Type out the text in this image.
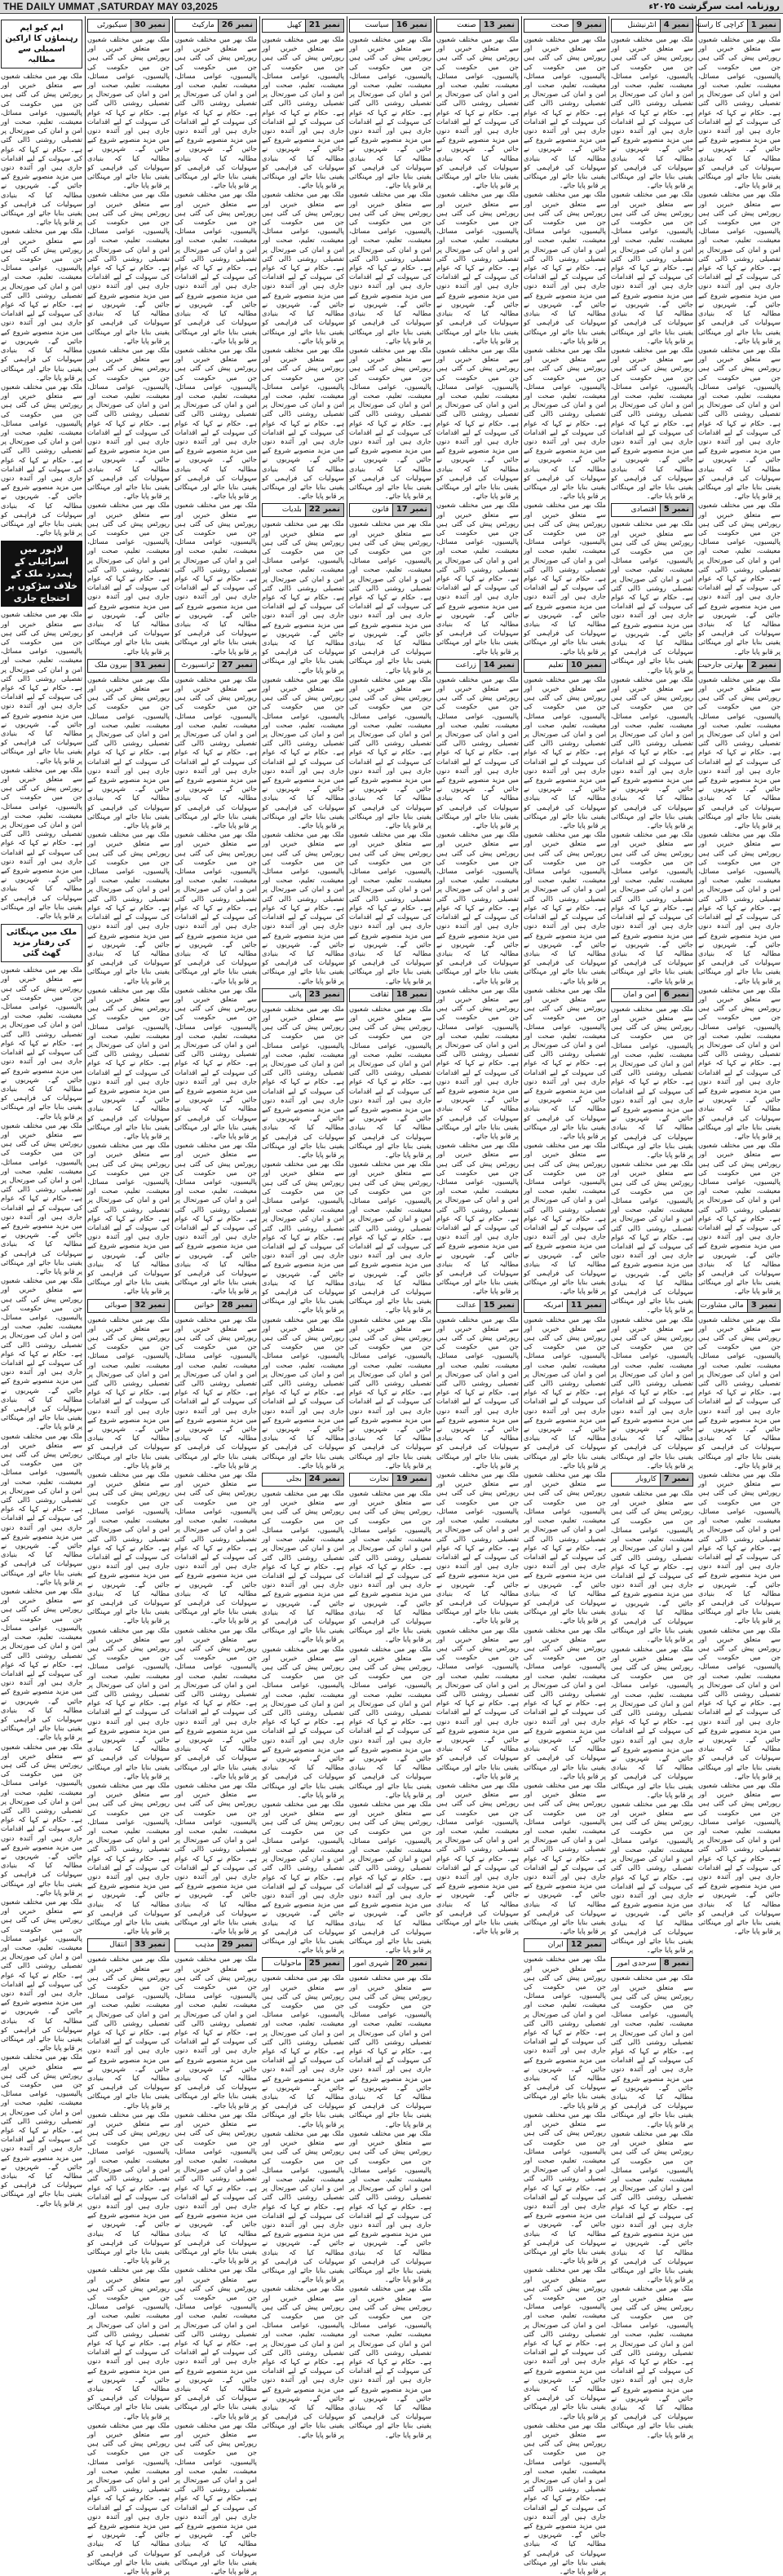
THE DAILY UMMAT ,SATURDAY MAY 03,2025	روزنامہ امت سرگزشت ۲۰۲۵ء
نمبر 1
کراچی کا راستہ

ملک بھر میں مختلف شعبوں سے متعلق خبریں اور رپورٹس پیش کی گئی ہیں جن میں حکومت کی پالیسیوں، عوامی مسائل، معیشت، تعلیم، صحت اور امن و امان کی صورتحال پر تفصیلی روشنی ڈالی گئی ہے۔ حکام نے کہا کہ عوام کی سہولت کے لیے اقدامات جاری ہیں اور آئندہ دنوں میں مزید منصوبے شروع کیے جائیں گے۔ شہریوں نے مطالبہ کیا کہ بنیادی سہولیات کی فراہمی کو یقینی بنایا جائے اور مہنگائی پر قابو پایا جائے۔

ملک بھر میں مختلف شعبوں سے متعلق خبریں اور رپورٹس پیش کی گئی ہیں جن میں حکومت کی پالیسیوں، عوامی مسائل، معیشت، تعلیم، صحت اور امن و امان کی صورتحال پر تفصیلی روشنی ڈالی گئی ہے۔ حکام نے کہا کہ عوام کی سہولت کے لیے اقدامات جاری ہیں اور آئندہ دنوں میں مزید منصوبے شروع کیے جائیں گے۔ شہریوں نے مطالبہ کیا کہ بنیادی سہولیات کی فراہمی کو یقینی بنایا جائے اور مہنگائی پر قابو پایا جائے۔

ملک بھر میں مختلف شعبوں سے متعلق خبریں اور رپورٹس پیش کی گئی ہیں جن میں حکومت کی پالیسیوں، عوامی مسائل، معیشت، تعلیم، صحت اور امن و امان کی صورتحال پر تفصیلی روشنی ڈالی گئی ہے۔ حکام نے کہا کہ عوام کی سہولت کے لیے اقدامات جاری ہیں اور آئندہ دنوں میں مزید منصوبے شروع کیے جائیں گے۔ شہریوں نے مطالبہ کیا کہ بنیادی سہولیات کی فراہمی کو یقینی بنایا جائے اور مہنگائی پر قابو پایا جائے۔

ملک بھر میں مختلف شعبوں سے متعلق خبریں اور رپورٹس پیش کی گئی ہیں جن میں حکومت کی پالیسیوں، عوامی مسائل، معیشت، تعلیم، صحت اور امن و امان کی صورتحال پر تفصیلی روشنی ڈالی گئی ہے۔ حکام نے کہا کہ عوام کی سہولت کے لیے اقدامات جاری ہیں اور آئندہ دنوں میں مزید منصوبے شروع کیے جائیں گے۔ شہریوں نے مطالبہ کیا کہ بنیادی سہولیات کی فراہمی کو یقینی بنایا جائے اور مہنگائی پر قابو پایا جائے۔

نمبر 2
بھارتی جارحیت

ملک بھر میں مختلف شعبوں سے متعلق خبریں اور رپورٹس پیش کی گئی ہیں جن میں حکومت کی پالیسیوں، عوامی مسائل، معیشت، تعلیم، صحت اور امن و امان کی صورتحال پر تفصیلی روشنی ڈالی گئی ہے۔ حکام نے کہا کہ عوام کی سہولت کے لیے اقدامات جاری ہیں اور آئندہ دنوں میں مزید منصوبے شروع کیے جائیں گے۔ شہریوں نے مطالبہ کیا کہ بنیادی سہولیات کی فراہمی کو یقینی بنایا جائے اور مہنگائی پر قابو پایا جائے۔

ملک بھر میں مختلف شعبوں سے متعلق خبریں اور رپورٹس پیش کی گئی ہیں جن میں حکومت کی پالیسیوں، عوامی مسائل، معیشت، تعلیم، صحت اور امن و امان کی صورتحال پر تفصیلی روشنی ڈالی گئی ہے۔ حکام نے کہا کہ عوام کی سہولت کے لیے اقدامات جاری ہیں اور آئندہ دنوں میں مزید منصوبے شروع کیے جائیں گے۔ شہریوں نے مطالبہ کیا کہ بنیادی سہولیات کی فراہمی کو یقینی بنایا جائے اور مہنگائی پر قابو پایا جائے۔

ملک بھر میں مختلف شعبوں سے متعلق خبریں اور رپورٹس پیش کی گئی ہیں جن میں حکومت کی پالیسیوں، عوامی مسائل، معیشت، تعلیم، صحت اور امن و امان کی صورتحال پر تفصیلی روشنی ڈالی گئی ہے۔ حکام نے کہا کہ عوام کی سہولت کے لیے اقدامات جاری ہیں اور آئندہ دنوں میں مزید منصوبے شروع کیے جائیں گے۔ شہریوں نے مطالبہ کیا کہ بنیادی سہولیات کی فراہمی کو یقینی بنایا جائے اور مہنگائی پر قابو پایا جائے۔

ملک بھر میں مختلف شعبوں سے متعلق خبریں اور رپورٹس پیش کی گئی ہیں جن میں حکومت کی پالیسیوں، عوامی مسائل، معیشت، تعلیم، صحت اور امن و امان کی صورتحال پر تفصیلی روشنی ڈالی گئی ہے۔ حکام نے کہا کہ عوام کی سہولت کے لیے اقدامات جاری ہیں اور آئندہ دنوں میں مزید منصوبے شروع کیے جائیں گے۔ شہریوں نے مطالبہ کیا کہ بنیادی سہولیات کی فراہمی کو یقینی بنایا جائے اور مہنگائی پر قابو پایا جائے۔

نمبر 3
مالی مشاورت

ملک بھر میں مختلف شعبوں سے متعلق خبریں اور رپورٹس پیش کی گئی ہیں جن میں حکومت کی پالیسیوں، عوامی مسائل، معیشت، تعلیم، صحت اور امن و امان کی صورتحال پر تفصیلی روشنی ڈالی گئی ہے۔ حکام نے کہا کہ عوام کی سہولت کے لیے اقدامات جاری ہیں اور آئندہ دنوں میں مزید منصوبے شروع کیے جائیں گے۔ شہریوں نے مطالبہ کیا کہ بنیادی سہولیات کی فراہمی کو یقینی بنایا جائے اور مہنگائی پر قابو پایا جائے۔

ملک بھر میں مختلف شعبوں سے متعلق خبریں اور رپورٹس پیش کی گئی ہیں جن میں حکومت کی پالیسیوں، عوامی مسائل، معیشت، تعلیم، صحت اور امن و امان کی صورتحال پر تفصیلی روشنی ڈالی گئی ہے۔ حکام نے کہا کہ عوام کی سہولت کے لیے اقدامات جاری ہیں اور آئندہ دنوں میں مزید منصوبے شروع کیے جائیں گے۔ شہریوں نے مطالبہ کیا کہ بنیادی سہولیات کی فراہمی کو یقینی بنایا جائے اور مہنگائی پر قابو پایا جائے۔

ملک بھر میں مختلف شعبوں سے متعلق خبریں اور رپورٹس پیش کی گئی ہیں جن میں حکومت کی پالیسیوں، عوامی مسائل، معیشت، تعلیم، صحت اور امن و امان کی صورتحال پر تفصیلی روشنی ڈالی گئی ہے۔ حکام نے کہا کہ عوام کی سہولت کے لیے اقدامات جاری ہیں اور آئندہ دنوں میں مزید منصوبے شروع کیے جائیں گے۔ شہریوں نے مطالبہ کیا کہ بنیادی سہولیات کی فراہمی کو یقینی بنایا جائے اور مہنگائی پر قابو پایا جائے۔

ملک بھر میں مختلف شعبوں سے متعلق خبریں اور رپورٹس پیش کی گئی ہیں جن میں حکومت کی پالیسیوں، عوامی مسائل، معیشت، تعلیم، صحت اور امن و امان کی صورتحال پر تفصیلی روشنی ڈالی گئی ہے۔ حکام نے کہا کہ عوام کی سہولت کے لیے اقدامات جاری ہیں اور آئندہ دنوں میں مزید منصوبے شروع کیے جائیں گے۔ شہریوں نے مطالبہ کیا کہ بنیادی سہولیات کی فراہمی کو یقینی بنایا جائے اور مہنگائی پر قابو پایا جائے۔

نمبر 4
انٹرنیشنل

ملک بھر میں مختلف شعبوں سے متعلق خبریں اور رپورٹس پیش کی گئی ہیں جن میں حکومت کی پالیسیوں، عوامی مسائل، معیشت، تعلیم، صحت اور امن و امان کی صورتحال پر تفصیلی روشنی ڈالی گئی ہے۔ حکام نے کہا کہ عوام کی سہولت کے لیے اقدامات جاری ہیں اور آئندہ دنوں میں مزید منصوبے شروع کیے جائیں گے۔ شہریوں نے مطالبہ کیا کہ بنیادی سہولیات کی فراہمی کو یقینی بنایا جائے اور مہنگائی پر قابو پایا جائے۔

ملک بھر میں مختلف شعبوں سے متعلق خبریں اور رپورٹس پیش کی گئی ہیں جن میں حکومت کی پالیسیوں، عوامی مسائل، معیشت، تعلیم، صحت اور امن و امان کی صورتحال پر تفصیلی روشنی ڈالی گئی ہے۔ حکام نے کہا کہ عوام کی سہولت کے لیے اقدامات جاری ہیں اور آئندہ دنوں میں مزید منصوبے شروع کیے جائیں گے۔ شہریوں نے مطالبہ کیا کہ بنیادی سہولیات کی فراہمی کو یقینی بنایا جائے اور مہنگائی پر قابو پایا جائے۔

ملک بھر میں مختلف شعبوں سے متعلق خبریں اور رپورٹس پیش کی گئی ہیں جن میں حکومت کی پالیسیوں، عوامی مسائل، معیشت، تعلیم، صحت اور امن و امان کی صورتحال پر تفصیلی روشنی ڈالی گئی ہے۔ حکام نے کہا کہ عوام کی سہولت کے لیے اقدامات جاری ہیں اور آئندہ دنوں میں مزید منصوبے شروع کیے جائیں گے۔ شہریوں نے مطالبہ کیا کہ بنیادی سہولیات کی فراہمی کو یقینی بنایا جائے اور مہنگائی پر قابو پایا جائے۔

نمبر 5
اقتصادی

ملک بھر میں مختلف شعبوں سے متعلق خبریں اور رپورٹس پیش کی گئی ہیں جن میں حکومت کی پالیسیوں، عوامی مسائل، معیشت، تعلیم، صحت اور امن و امان کی صورتحال پر تفصیلی روشنی ڈالی گئی ہے۔ حکام نے کہا کہ عوام کی سہولت کے لیے اقدامات جاری ہیں اور آئندہ دنوں میں مزید منصوبے شروع کیے جائیں گے۔ شہریوں نے مطالبہ کیا کہ بنیادی سہولیات کی فراہمی کو یقینی بنایا جائے اور مہنگائی پر قابو پایا جائے۔

ملک بھر میں مختلف شعبوں سے متعلق خبریں اور رپورٹس پیش کی گئی ہیں جن میں حکومت کی پالیسیوں، عوامی مسائل، معیشت، تعلیم، صحت اور امن و امان کی صورتحال پر تفصیلی روشنی ڈالی گئی ہے۔ حکام نے کہا کہ عوام کی سہولت کے لیے اقدامات جاری ہیں اور آئندہ دنوں میں مزید منصوبے شروع کیے جائیں گے۔ شہریوں نے مطالبہ کیا کہ بنیادی سہولیات کی فراہمی کو یقینی بنایا جائے اور مہنگائی پر قابو پایا جائے۔

ملک بھر میں مختلف شعبوں سے متعلق خبریں اور رپورٹس پیش کی گئی ہیں جن میں حکومت کی پالیسیوں، عوامی مسائل، معیشت، تعلیم، صحت اور امن و امان کی صورتحال پر تفصیلی روشنی ڈالی گئی ہے۔ حکام نے کہا کہ عوام کی سہولت کے لیے اقدامات جاری ہیں اور آئندہ دنوں میں مزید منصوبے شروع کیے جائیں گے۔ شہریوں نے مطالبہ کیا کہ بنیادی سہولیات کی فراہمی کو یقینی بنایا جائے اور مہنگائی پر قابو پایا جائے۔

نمبر 6
امن و امان

ملک بھر میں مختلف شعبوں سے متعلق خبریں اور رپورٹس پیش کی گئی ہیں جن میں حکومت کی پالیسیوں، عوامی مسائل، معیشت، تعلیم، صحت اور امن و امان کی صورتحال پر تفصیلی روشنی ڈالی گئی ہے۔ حکام نے کہا کہ عوام کی سہولت کے لیے اقدامات جاری ہیں اور آئندہ دنوں میں مزید منصوبے شروع کیے جائیں گے۔ شہریوں نے مطالبہ کیا کہ بنیادی سہولیات کی فراہمی کو یقینی بنایا جائے اور مہنگائی پر قابو پایا جائے۔

ملک بھر میں مختلف شعبوں سے متعلق خبریں اور رپورٹس پیش کی گئی ہیں جن میں حکومت کی پالیسیوں، عوامی مسائل، معیشت، تعلیم، صحت اور امن و امان کی صورتحال پر تفصیلی روشنی ڈالی گئی ہے۔ حکام نے کہا کہ عوام کی سہولت کے لیے اقدامات جاری ہیں اور آئندہ دنوں میں مزید منصوبے شروع کیے جائیں گے۔ شہریوں نے مطالبہ کیا کہ بنیادی سہولیات کی فراہمی کو یقینی بنایا جائے اور مہنگائی پر قابو پایا جائے۔

ملک بھر میں مختلف شعبوں سے متعلق خبریں اور رپورٹس پیش کی گئی ہیں جن میں حکومت کی پالیسیوں، عوامی مسائل، معیشت، تعلیم، صحت اور امن و امان کی صورتحال پر تفصیلی روشنی ڈالی گئی ہے۔ حکام نے کہا کہ عوام کی سہولت کے لیے اقدامات جاری ہیں اور آئندہ دنوں میں مزید منصوبے شروع کیے جائیں گے۔ شہریوں نے مطالبہ کیا کہ بنیادی سہولیات کی فراہمی کو یقینی بنایا جائے اور مہنگائی پر قابو پایا جائے۔

نمبر 7
کاروبار

ملک بھر میں مختلف شعبوں سے متعلق خبریں اور رپورٹس پیش کی گئی ہیں جن میں حکومت کی پالیسیوں، عوامی مسائل، معیشت، تعلیم، صحت اور امن و امان کی صورتحال پر تفصیلی روشنی ڈالی گئی ہے۔ حکام نے کہا کہ عوام کی سہولت کے لیے اقدامات جاری ہیں اور آئندہ دنوں میں مزید منصوبے شروع کیے جائیں گے۔ شہریوں نے مطالبہ کیا کہ بنیادی سہولیات کی فراہمی کو یقینی بنایا جائے اور مہنگائی پر قابو پایا جائے۔

ملک بھر میں مختلف شعبوں سے متعلق خبریں اور رپورٹس پیش کی گئی ہیں جن میں حکومت کی پالیسیوں، عوامی مسائل، معیشت، تعلیم، صحت اور امن و امان کی صورتحال پر تفصیلی روشنی ڈالی گئی ہے۔ حکام نے کہا کہ عوام کی سہولت کے لیے اقدامات جاری ہیں اور آئندہ دنوں میں مزید منصوبے شروع کیے جائیں گے۔ شہریوں نے مطالبہ کیا کہ بنیادی سہولیات کی فراہمی کو یقینی بنایا جائے اور مہنگائی پر قابو پایا جائے۔

ملک بھر میں مختلف شعبوں سے متعلق خبریں اور رپورٹس پیش کی گئی ہیں جن میں حکومت کی پالیسیوں، عوامی مسائل، معیشت، تعلیم، صحت اور امن و امان کی صورتحال پر تفصیلی روشنی ڈالی گئی ہے۔ حکام نے کہا کہ عوام کی سہولت کے لیے اقدامات جاری ہیں اور آئندہ دنوں میں مزید منصوبے شروع کیے جائیں گے۔ شہریوں نے مطالبہ کیا کہ بنیادی سہولیات کی فراہمی کو یقینی بنایا جائے اور مہنگائی پر قابو پایا جائے۔

نمبر 8
سرحدی امور

ملک بھر میں مختلف شعبوں سے متعلق خبریں اور رپورٹس پیش کی گئی ہیں جن میں حکومت کی پالیسیوں، عوامی مسائل، معیشت، تعلیم، صحت اور امن و امان کی صورتحال پر تفصیلی روشنی ڈالی گئی ہے۔ حکام نے کہا کہ عوام کی سہولت کے لیے اقدامات جاری ہیں اور آئندہ دنوں میں مزید منصوبے شروع کیے جائیں گے۔ شہریوں نے مطالبہ کیا کہ بنیادی سہولیات کی فراہمی کو یقینی بنایا جائے اور مہنگائی پر قابو پایا جائے۔

ملک بھر میں مختلف شعبوں سے متعلق خبریں اور رپورٹس پیش کی گئی ہیں جن میں حکومت کی پالیسیوں، عوامی مسائل، معیشت، تعلیم، صحت اور امن و امان کی صورتحال پر تفصیلی روشنی ڈالی گئی ہے۔ حکام نے کہا کہ عوام کی سہولت کے لیے اقدامات جاری ہیں اور آئندہ دنوں میں مزید منصوبے شروع کیے جائیں گے۔ شہریوں نے مطالبہ کیا کہ بنیادی سہولیات کی فراہمی کو یقینی بنایا جائے اور مہنگائی پر قابو پایا جائے۔

ملک بھر میں مختلف شعبوں سے متعلق خبریں اور رپورٹس پیش کی گئی ہیں جن میں حکومت کی پالیسیوں، عوامی مسائل، معیشت، تعلیم، صحت اور امن و امان کی صورتحال پر تفصیلی روشنی ڈالی گئی ہے۔ حکام نے کہا کہ عوام کی سہولت کے لیے اقدامات جاری ہیں اور آئندہ دنوں میں مزید منصوبے شروع کیے جائیں گے۔ شہریوں نے مطالبہ کیا کہ بنیادی سہولیات کی فراہمی کو یقینی بنایا جائے اور مہنگائی پر قابو پایا جائے۔

نمبر 9
صحت

ملک بھر میں مختلف شعبوں سے متعلق خبریں اور رپورٹس پیش کی گئی ہیں جن میں حکومت کی پالیسیوں، عوامی مسائل، معیشت، تعلیم، صحت اور امن و امان کی صورتحال پر تفصیلی روشنی ڈالی گئی ہے۔ حکام نے کہا کہ عوام کی سہولت کے لیے اقدامات جاری ہیں اور آئندہ دنوں میں مزید منصوبے شروع کیے جائیں گے۔ شہریوں نے مطالبہ کیا کہ بنیادی سہولیات کی فراہمی کو یقینی بنایا جائے اور مہنگائی پر قابو پایا جائے۔

ملک بھر میں مختلف شعبوں سے متعلق خبریں اور رپورٹس پیش کی گئی ہیں جن میں حکومت کی پالیسیوں، عوامی مسائل، معیشت، تعلیم، صحت اور امن و امان کی صورتحال پر تفصیلی روشنی ڈالی گئی ہے۔ حکام نے کہا کہ عوام کی سہولت کے لیے اقدامات جاری ہیں اور آئندہ دنوں میں مزید منصوبے شروع کیے جائیں گے۔ شہریوں نے مطالبہ کیا کہ بنیادی سہولیات کی فراہمی کو یقینی بنایا جائے اور مہنگائی پر قابو پایا جائے۔

ملک بھر میں مختلف شعبوں سے متعلق خبریں اور رپورٹس پیش کی گئی ہیں جن میں حکومت کی پالیسیوں، عوامی مسائل، معیشت، تعلیم، صحت اور امن و امان کی صورتحال پر تفصیلی روشنی ڈالی گئی ہے۔ حکام نے کہا کہ عوام کی سہولت کے لیے اقدامات جاری ہیں اور آئندہ دنوں میں مزید منصوبے شروع کیے جائیں گے۔ شہریوں نے مطالبہ کیا کہ بنیادی سہولیات کی فراہمی کو یقینی بنایا جائے اور مہنگائی پر قابو پایا جائے۔

ملک بھر میں مختلف شعبوں سے متعلق خبریں اور رپورٹس پیش کی گئی ہیں جن میں حکومت کی پالیسیوں، عوامی مسائل، معیشت، تعلیم، صحت اور امن و امان کی صورتحال پر تفصیلی روشنی ڈالی گئی ہے۔ حکام نے کہا کہ عوام کی سہولت کے لیے اقدامات جاری ہیں اور آئندہ دنوں میں مزید منصوبے شروع کیے جائیں گے۔ شہریوں نے مطالبہ کیا کہ بنیادی سہولیات کی فراہمی کو یقینی بنایا جائے اور مہنگائی پر قابو پایا جائے۔

نمبر 10
تعلیم

ملک بھر میں مختلف شعبوں سے متعلق خبریں اور رپورٹس پیش کی گئی ہیں جن میں حکومت کی پالیسیوں، عوامی مسائل، معیشت، تعلیم، صحت اور امن و امان کی صورتحال پر تفصیلی روشنی ڈالی گئی ہے۔ حکام نے کہا کہ عوام کی سہولت کے لیے اقدامات جاری ہیں اور آئندہ دنوں میں مزید منصوبے شروع کیے جائیں گے۔ شہریوں نے مطالبہ کیا کہ بنیادی سہولیات کی فراہمی کو یقینی بنایا جائے اور مہنگائی پر قابو پایا جائے۔

ملک بھر میں مختلف شعبوں سے متعلق خبریں اور رپورٹس پیش کی گئی ہیں جن میں حکومت کی پالیسیوں، عوامی مسائل، معیشت، تعلیم، صحت اور امن و امان کی صورتحال پر تفصیلی روشنی ڈالی گئی ہے۔ حکام نے کہا کہ عوام کی سہولت کے لیے اقدامات جاری ہیں اور آئندہ دنوں میں مزید منصوبے شروع کیے جائیں گے۔ شہریوں نے مطالبہ کیا کہ بنیادی سہولیات کی فراہمی کو یقینی بنایا جائے اور مہنگائی پر قابو پایا جائے۔

ملک بھر میں مختلف شعبوں سے متعلق خبریں اور رپورٹس پیش کی گئی ہیں جن میں حکومت کی پالیسیوں، عوامی مسائل، معیشت، تعلیم، صحت اور امن و امان کی صورتحال پر تفصیلی روشنی ڈالی گئی ہے۔ حکام نے کہا کہ عوام کی سہولت کے لیے اقدامات جاری ہیں اور آئندہ دنوں میں مزید منصوبے شروع کیے جائیں گے۔ شہریوں نے مطالبہ کیا کہ بنیادی سہولیات کی فراہمی کو یقینی بنایا جائے اور مہنگائی پر قابو پایا جائے۔

ملک بھر میں مختلف شعبوں سے متعلق خبریں اور رپورٹس پیش کی گئی ہیں جن میں حکومت کی پالیسیوں، عوامی مسائل، معیشت، تعلیم، صحت اور امن و امان کی صورتحال پر تفصیلی روشنی ڈالی گئی ہے۔ حکام نے کہا کہ عوام کی سہولت کے لیے اقدامات جاری ہیں اور آئندہ دنوں میں مزید منصوبے شروع کیے جائیں گے۔ شہریوں نے مطالبہ کیا کہ بنیادی سہولیات کی فراہمی کو یقینی بنایا جائے اور مہنگائی پر قابو پایا جائے۔

نمبر 11
امریکہ

ملک بھر میں مختلف شعبوں سے متعلق خبریں اور رپورٹس پیش کی گئی ہیں جن میں حکومت کی پالیسیوں، عوامی مسائل، معیشت، تعلیم، صحت اور امن و امان کی صورتحال پر تفصیلی روشنی ڈالی گئی ہے۔ حکام نے کہا کہ عوام کی سہولت کے لیے اقدامات جاری ہیں اور آئندہ دنوں میں مزید منصوبے شروع کیے جائیں گے۔ شہریوں نے مطالبہ کیا کہ بنیادی سہولیات کی فراہمی کو یقینی بنایا جائے اور مہنگائی پر قابو پایا جائے۔

ملک بھر میں مختلف شعبوں سے متعلق خبریں اور رپورٹس پیش کی گئی ہیں جن میں حکومت کی پالیسیوں، عوامی مسائل، معیشت، تعلیم، صحت اور امن و امان کی صورتحال پر تفصیلی روشنی ڈالی گئی ہے۔ حکام نے کہا کہ عوام کی سہولت کے لیے اقدامات جاری ہیں اور آئندہ دنوں میں مزید منصوبے شروع کیے جائیں گے۔ شہریوں نے مطالبہ کیا کہ بنیادی سہولیات کی فراہمی کو یقینی بنایا جائے اور مہنگائی پر قابو پایا جائے۔

ملک بھر میں مختلف شعبوں سے متعلق خبریں اور رپورٹس پیش کی گئی ہیں جن میں حکومت کی پالیسیوں، عوامی مسائل، معیشت، تعلیم، صحت اور امن و امان کی صورتحال پر تفصیلی روشنی ڈالی گئی ہے۔ حکام نے کہا کہ عوام کی سہولت کے لیے اقدامات جاری ہیں اور آئندہ دنوں میں مزید منصوبے شروع کیے جائیں گے۔ شہریوں نے مطالبہ کیا کہ بنیادی سہولیات کی فراہمی کو یقینی بنایا جائے اور مہنگائی پر قابو پایا جائے۔

ملک بھر میں مختلف شعبوں سے متعلق خبریں اور رپورٹس پیش کی گئی ہیں جن میں حکومت کی پالیسیوں، عوامی مسائل، معیشت، تعلیم، صحت اور امن و امان کی صورتحال پر تفصیلی روشنی ڈالی گئی ہے۔ حکام نے کہا کہ عوام کی سہولت کے لیے اقدامات جاری ہیں اور آئندہ دنوں میں مزید منصوبے شروع کیے جائیں گے۔ شہریوں نے مطالبہ کیا کہ بنیادی سہولیات کی فراہمی کو یقینی بنایا جائے اور مہنگائی پر قابو پایا جائے۔

نمبر 12
ایران

ملک بھر میں مختلف شعبوں سے متعلق خبریں اور رپورٹس پیش کی گئی ہیں جن میں حکومت کی پالیسیوں، عوامی مسائل، معیشت، تعلیم، صحت اور امن و امان کی صورتحال پر تفصیلی روشنی ڈالی گئی ہے۔ حکام نے کہا کہ عوام کی سہولت کے لیے اقدامات جاری ہیں اور آئندہ دنوں میں مزید منصوبے شروع کیے جائیں گے۔ شہریوں نے مطالبہ کیا کہ بنیادی سہولیات کی فراہمی کو یقینی بنایا جائے اور مہنگائی پر قابو پایا جائے۔

ملک بھر میں مختلف شعبوں سے متعلق خبریں اور رپورٹس پیش کی گئی ہیں جن میں حکومت کی پالیسیوں، عوامی مسائل، معیشت، تعلیم، صحت اور امن و امان کی صورتحال پر تفصیلی روشنی ڈالی گئی ہے۔ حکام نے کہا کہ عوام کی سہولت کے لیے اقدامات جاری ہیں اور آئندہ دنوں میں مزید منصوبے شروع کیے جائیں گے۔ شہریوں نے مطالبہ کیا کہ بنیادی سہولیات کی فراہمی کو یقینی بنایا جائے اور مہنگائی پر قابو پایا جائے۔

ملک بھر میں مختلف شعبوں سے متعلق خبریں اور رپورٹس پیش کی گئی ہیں جن میں حکومت کی پالیسیوں، عوامی مسائل، معیشت، تعلیم، صحت اور امن و امان کی صورتحال پر تفصیلی روشنی ڈالی گئی ہے۔ حکام نے کہا کہ عوام کی سہولت کے لیے اقدامات جاری ہیں اور آئندہ دنوں میں مزید منصوبے شروع کیے جائیں گے۔ شہریوں نے مطالبہ کیا کہ بنیادی سہولیات کی فراہمی کو یقینی بنایا جائے اور مہنگائی پر قابو پایا جائے۔

ملک بھر میں مختلف شعبوں سے متعلق خبریں اور رپورٹس پیش کی گئی ہیں جن میں حکومت کی پالیسیوں، عوامی مسائل، معیشت، تعلیم، صحت اور امن و امان کی صورتحال پر تفصیلی روشنی ڈالی گئی ہے۔ حکام نے کہا کہ عوام کی سہولت کے لیے اقدامات جاری ہیں اور آئندہ دنوں میں مزید منصوبے شروع کیے جائیں گے۔ شہریوں نے مطالبہ کیا کہ بنیادی سہولیات کی فراہمی کو یقینی بنایا جائے اور مہنگائی پر قابو پایا جائے۔

نمبر 13
صنعت

ملک بھر میں مختلف شعبوں سے متعلق خبریں اور رپورٹس پیش کی گئی ہیں جن میں حکومت کی پالیسیوں، عوامی مسائل، معیشت، تعلیم، صحت اور امن و امان کی صورتحال پر تفصیلی روشنی ڈالی گئی ہے۔ حکام نے کہا کہ عوام کی سہولت کے لیے اقدامات جاری ہیں اور آئندہ دنوں میں مزید منصوبے شروع کیے جائیں گے۔ شہریوں نے مطالبہ کیا کہ بنیادی سہولیات کی فراہمی کو یقینی بنایا جائے اور مہنگائی پر قابو پایا جائے۔

ملک بھر میں مختلف شعبوں سے متعلق خبریں اور رپورٹس پیش کی گئی ہیں جن میں حکومت کی پالیسیوں، عوامی مسائل، معیشت، تعلیم، صحت اور امن و امان کی صورتحال پر تفصیلی روشنی ڈالی گئی ہے۔ حکام نے کہا کہ عوام کی سہولت کے لیے اقدامات جاری ہیں اور آئندہ دنوں میں مزید منصوبے شروع کیے جائیں گے۔ شہریوں نے مطالبہ کیا کہ بنیادی سہولیات کی فراہمی کو یقینی بنایا جائے اور مہنگائی پر قابو پایا جائے۔

ملک بھر میں مختلف شعبوں سے متعلق خبریں اور رپورٹس پیش کی گئی ہیں جن میں حکومت کی پالیسیوں، عوامی مسائل، معیشت، تعلیم، صحت اور امن و امان کی صورتحال پر تفصیلی روشنی ڈالی گئی ہے۔ حکام نے کہا کہ عوام کی سہولت کے لیے اقدامات جاری ہیں اور آئندہ دنوں میں مزید منصوبے شروع کیے جائیں گے۔ شہریوں نے مطالبہ کیا کہ بنیادی سہولیات کی فراہمی کو یقینی بنایا جائے اور مہنگائی پر قابو پایا جائے۔

ملک بھر میں مختلف شعبوں سے متعلق خبریں اور رپورٹس پیش کی گئی ہیں جن میں حکومت کی پالیسیوں، عوامی مسائل، معیشت، تعلیم، صحت اور امن و امان کی صورتحال پر تفصیلی روشنی ڈالی گئی ہے۔ حکام نے کہا کہ عوام کی سہولت کے لیے اقدامات جاری ہیں اور آئندہ دنوں میں مزید منصوبے شروع کیے جائیں گے۔ شہریوں نے مطالبہ کیا کہ بنیادی سہولیات کی فراہمی کو یقینی بنایا جائے اور مہنگائی پر قابو پایا جائے۔

نمبر 14
زراعت

ملک بھر میں مختلف شعبوں سے متعلق خبریں اور رپورٹس پیش کی گئی ہیں جن میں حکومت کی پالیسیوں، عوامی مسائل، معیشت، تعلیم، صحت اور امن و امان کی صورتحال پر تفصیلی روشنی ڈالی گئی ہے۔ حکام نے کہا کہ عوام کی سہولت کے لیے اقدامات جاری ہیں اور آئندہ دنوں میں مزید منصوبے شروع کیے جائیں گے۔ شہریوں نے مطالبہ کیا کہ بنیادی سہولیات کی فراہمی کو یقینی بنایا جائے اور مہنگائی پر قابو پایا جائے۔

ملک بھر میں مختلف شعبوں سے متعلق خبریں اور رپورٹس پیش کی گئی ہیں جن میں حکومت کی پالیسیوں، عوامی مسائل، معیشت، تعلیم، صحت اور امن و امان کی صورتحال پر تفصیلی روشنی ڈالی گئی ہے۔ حکام نے کہا کہ عوام کی سہولت کے لیے اقدامات جاری ہیں اور آئندہ دنوں میں مزید منصوبے شروع کیے جائیں گے۔ شہریوں نے مطالبہ کیا کہ بنیادی سہولیات کی فراہمی کو یقینی بنایا جائے اور مہنگائی پر قابو پایا جائے۔

ملک بھر میں مختلف شعبوں سے متعلق خبریں اور رپورٹس پیش کی گئی ہیں جن میں حکومت کی پالیسیوں، عوامی مسائل، معیشت، تعلیم، صحت اور امن و امان کی صورتحال پر تفصیلی روشنی ڈالی گئی ہے۔ حکام نے کہا کہ عوام کی سہولت کے لیے اقدامات جاری ہیں اور آئندہ دنوں میں مزید منصوبے شروع کیے جائیں گے۔ شہریوں نے مطالبہ کیا کہ بنیادی سہولیات کی فراہمی کو یقینی بنایا جائے اور مہنگائی پر قابو پایا جائے۔

ملک بھر میں مختلف شعبوں سے متعلق خبریں اور رپورٹس پیش کی گئی ہیں جن میں حکومت کی پالیسیوں، عوامی مسائل، معیشت، تعلیم، صحت اور امن و امان کی صورتحال پر تفصیلی روشنی ڈالی گئی ہے۔ حکام نے کہا کہ عوام کی سہولت کے لیے اقدامات جاری ہیں اور آئندہ دنوں میں مزید منصوبے شروع کیے جائیں گے۔ شہریوں نے مطالبہ کیا کہ بنیادی سہولیات کی فراہمی کو یقینی بنایا جائے اور مہنگائی پر قابو پایا جائے۔

نمبر 15
عدالت

ملک بھر میں مختلف شعبوں سے متعلق خبریں اور رپورٹس پیش کی گئی ہیں جن میں حکومت کی پالیسیوں، عوامی مسائل، معیشت، تعلیم، صحت اور امن و امان کی صورتحال پر تفصیلی روشنی ڈالی گئی ہے۔ حکام نے کہا کہ عوام کی سہولت کے لیے اقدامات جاری ہیں اور آئندہ دنوں میں مزید منصوبے شروع کیے جائیں گے۔ شہریوں نے مطالبہ کیا کہ بنیادی سہولیات کی فراہمی کو یقینی بنایا جائے اور مہنگائی پر قابو پایا جائے۔

ملک بھر میں مختلف شعبوں سے متعلق خبریں اور رپورٹس پیش کی گئی ہیں جن میں حکومت کی پالیسیوں، عوامی مسائل، معیشت، تعلیم، صحت اور امن و امان کی صورتحال پر تفصیلی روشنی ڈالی گئی ہے۔ حکام نے کہا کہ عوام کی سہولت کے لیے اقدامات جاری ہیں اور آئندہ دنوں میں مزید منصوبے شروع کیے جائیں گے۔ شہریوں نے مطالبہ کیا کہ بنیادی سہولیات کی فراہمی کو یقینی بنایا جائے اور مہنگائی پر قابو پایا جائے۔

ملک بھر میں مختلف شعبوں سے متعلق خبریں اور رپورٹس پیش کی گئی ہیں جن میں حکومت کی پالیسیوں، عوامی مسائل، معیشت، تعلیم، صحت اور امن و امان کی صورتحال پر تفصیلی روشنی ڈالی گئی ہے۔ حکام نے کہا کہ عوام کی سہولت کے لیے اقدامات جاری ہیں اور آئندہ دنوں میں مزید منصوبے شروع کیے جائیں گے۔ شہریوں نے مطالبہ کیا کہ بنیادی سہولیات کی فراہمی کو یقینی بنایا جائے اور مہنگائی پر قابو پایا جائے۔

ملک بھر میں مختلف شعبوں سے متعلق خبریں اور رپورٹس پیش کی گئی ہیں جن میں حکومت کی پالیسیوں، عوامی مسائل، معیشت، تعلیم، صحت اور امن و امان کی صورتحال پر تفصیلی روشنی ڈالی گئی ہے۔ حکام نے کہا کہ عوام کی سہولت کے لیے اقدامات جاری ہیں اور آئندہ دنوں میں مزید منصوبے شروع کیے جائیں گے۔ شہریوں نے مطالبہ کیا کہ بنیادی سہولیات کی فراہمی کو یقینی بنایا جائے اور مہنگائی پر قابو پایا جائے۔

نمبر 16
سیاست

ملک بھر میں مختلف شعبوں سے متعلق خبریں اور رپورٹس پیش کی گئی ہیں جن میں حکومت کی پالیسیوں، عوامی مسائل، معیشت، تعلیم، صحت اور امن و امان کی صورتحال پر تفصیلی روشنی ڈالی گئی ہے۔ حکام نے کہا کہ عوام کی سہولت کے لیے اقدامات جاری ہیں اور آئندہ دنوں میں مزید منصوبے شروع کیے جائیں گے۔ شہریوں نے مطالبہ کیا کہ بنیادی سہولیات کی فراہمی کو یقینی بنایا جائے اور مہنگائی پر قابو پایا جائے۔

ملک بھر میں مختلف شعبوں سے متعلق خبریں اور رپورٹس پیش کی گئی ہیں جن میں حکومت کی پالیسیوں، عوامی مسائل، معیشت، تعلیم، صحت اور امن و امان کی صورتحال پر تفصیلی روشنی ڈالی گئی ہے۔ حکام نے کہا کہ عوام کی سہولت کے لیے اقدامات جاری ہیں اور آئندہ دنوں میں مزید منصوبے شروع کیے جائیں گے۔ شہریوں نے مطالبہ کیا کہ بنیادی سہولیات کی فراہمی کو یقینی بنایا جائے اور مہنگائی پر قابو پایا جائے۔

ملک بھر میں مختلف شعبوں سے متعلق خبریں اور رپورٹس پیش کی گئی ہیں جن میں حکومت کی پالیسیوں، عوامی مسائل، معیشت، تعلیم، صحت اور امن و امان کی صورتحال پر تفصیلی روشنی ڈالی گئی ہے۔ حکام نے کہا کہ عوام کی سہولت کے لیے اقدامات جاری ہیں اور آئندہ دنوں میں مزید منصوبے شروع کیے جائیں گے۔ شہریوں نے مطالبہ کیا کہ بنیادی سہولیات کی فراہمی کو یقینی بنایا جائے اور مہنگائی پر قابو پایا جائے۔

نمبر 17
قانون

ملک بھر میں مختلف شعبوں سے متعلق خبریں اور رپورٹس پیش کی گئی ہیں جن میں حکومت کی پالیسیوں، عوامی مسائل، معیشت، تعلیم، صحت اور امن و امان کی صورتحال پر تفصیلی روشنی ڈالی گئی ہے۔ حکام نے کہا کہ عوام کی سہولت کے لیے اقدامات جاری ہیں اور آئندہ دنوں میں مزید منصوبے شروع کیے جائیں گے۔ شہریوں نے مطالبہ کیا کہ بنیادی سہولیات کی فراہمی کو یقینی بنایا جائے اور مہنگائی پر قابو پایا جائے۔

ملک بھر میں مختلف شعبوں سے متعلق خبریں اور رپورٹس پیش کی گئی ہیں جن میں حکومت کی پالیسیوں، عوامی مسائل، معیشت، تعلیم، صحت اور امن و امان کی صورتحال پر تفصیلی روشنی ڈالی گئی ہے۔ حکام نے کہا کہ عوام کی سہولت کے لیے اقدامات جاری ہیں اور آئندہ دنوں میں مزید منصوبے شروع کیے جائیں گے۔ شہریوں نے مطالبہ کیا کہ بنیادی سہولیات کی فراہمی کو یقینی بنایا جائے اور مہنگائی پر قابو پایا جائے۔

ملک بھر میں مختلف شعبوں سے متعلق خبریں اور رپورٹس پیش کی گئی ہیں جن میں حکومت کی پالیسیوں، عوامی مسائل، معیشت، تعلیم، صحت اور امن و امان کی صورتحال پر تفصیلی روشنی ڈالی گئی ہے۔ حکام نے کہا کہ عوام کی سہولت کے لیے اقدامات جاری ہیں اور آئندہ دنوں میں مزید منصوبے شروع کیے جائیں گے۔ شہریوں نے مطالبہ کیا کہ بنیادی سہولیات کی فراہمی کو یقینی بنایا جائے اور مہنگائی پر قابو پایا جائے۔

نمبر 18
ثقافت

ملک بھر میں مختلف شعبوں سے متعلق خبریں اور رپورٹس پیش کی گئی ہیں جن میں حکومت کی پالیسیوں، عوامی مسائل، معیشت، تعلیم، صحت اور امن و امان کی صورتحال پر تفصیلی روشنی ڈالی گئی ہے۔ حکام نے کہا کہ عوام کی سہولت کے لیے اقدامات جاری ہیں اور آئندہ دنوں میں مزید منصوبے شروع کیے جائیں گے۔ شہریوں نے مطالبہ کیا کہ بنیادی سہولیات کی فراہمی کو یقینی بنایا جائے اور مہنگائی پر قابو پایا جائے۔

ملک بھر میں مختلف شعبوں سے متعلق خبریں اور رپورٹس پیش کی گئی ہیں جن میں حکومت کی پالیسیوں، عوامی مسائل، معیشت، تعلیم، صحت اور امن و امان کی صورتحال پر تفصیلی روشنی ڈالی گئی ہے۔ حکام نے کہا کہ عوام کی سہولت کے لیے اقدامات جاری ہیں اور آئندہ دنوں میں مزید منصوبے شروع کیے جائیں گے۔ شہریوں نے مطالبہ کیا کہ بنیادی سہولیات کی فراہمی کو یقینی بنایا جائے اور مہنگائی پر قابو پایا جائے۔

ملک بھر میں مختلف شعبوں سے متعلق خبریں اور رپورٹس پیش کی گئی ہیں جن میں حکومت کی پالیسیوں، عوامی مسائل، معیشت، تعلیم، صحت اور امن و امان کی صورتحال پر تفصیلی روشنی ڈالی گئی ہے۔ حکام نے کہا کہ عوام کی سہولت کے لیے اقدامات جاری ہیں اور آئندہ دنوں میں مزید منصوبے شروع کیے جائیں گے۔ شہریوں نے مطالبہ کیا کہ بنیادی سہولیات کی فراہمی کو یقینی بنایا جائے اور مہنگائی پر قابو پایا جائے۔

نمبر 19
تجارت

ملک بھر میں مختلف شعبوں سے متعلق خبریں اور رپورٹس پیش کی گئی ہیں جن میں حکومت کی پالیسیوں، عوامی مسائل، معیشت، تعلیم، صحت اور امن و امان کی صورتحال پر تفصیلی روشنی ڈالی گئی ہے۔ حکام نے کہا کہ عوام کی سہولت کے لیے اقدامات جاری ہیں اور آئندہ دنوں میں مزید منصوبے شروع کیے جائیں گے۔ شہریوں نے مطالبہ کیا کہ بنیادی سہولیات کی فراہمی کو یقینی بنایا جائے اور مہنگائی پر قابو پایا جائے۔

ملک بھر میں مختلف شعبوں سے متعلق خبریں اور رپورٹس پیش کی گئی ہیں جن میں حکومت کی پالیسیوں، عوامی مسائل، معیشت، تعلیم، صحت اور امن و امان کی صورتحال پر تفصیلی روشنی ڈالی گئی ہے۔ حکام نے کہا کہ عوام کی سہولت کے لیے اقدامات جاری ہیں اور آئندہ دنوں میں مزید منصوبے شروع کیے جائیں گے۔ شہریوں نے مطالبہ کیا کہ بنیادی سہولیات کی فراہمی کو یقینی بنایا جائے اور مہنگائی پر قابو پایا جائے۔

ملک بھر میں مختلف شعبوں سے متعلق خبریں اور رپورٹس پیش کی گئی ہیں جن میں حکومت کی پالیسیوں، عوامی مسائل، معیشت، تعلیم، صحت اور امن و امان کی صورتحال پر تفصیلی روشنی ڈالی گئی ہے۔ حکام نے کہا کہ عوام کی سہولت کے لیے اقدامات جاری ہیں اور آئندہ دنوں میں مزید منصوبے شروع کیے جائیں گے۔ شہریوں نے مطالبہ کیا کہ بنیادی سہولیات کی فراہمی کو یقینی بنایا جائے اور مہنگائی پر قابو پایا جائے۔

نمبر 20
شہری امور

ملک بھر میں مختلف شعبوں سے متعلق خبریں اور رپورٹس پیش کی گئی ہیں جن میں حکومت کی پالیسیوں، عوامی مسائل، معیشت، تعلیم، صحت اور امن و امان کی صورتحال پر تفصیلی روشنی ڈالی گئی ہے۔ حکام نے کہا کہ عوام کی سہولت کے لیے اقدامات جاری ہیں اور آئندہ دنوں میں مزید منصوبے شروع کیے جائیں گے۔ شہریوں نے مطالبہ کیا کہ بنیادی سہولیات کی فراہمی کو یقینی بنایا جائے اور مہنگائی پر قابو پایا جائے۔

ملک بھر میں مختلف شعبوں سے متعلق خبریں اور رپورٹس پیش کی گئی ہیں جن میں حکومت کی پالیسیوں، عوامی مسائل، معیشت، تعلیم، صحت اور امن و امان کی صورتحال پر تفصیلی روشنی ڈالی گئی ہے۔ حکام نے کہا کہ عوام کی سہولت کے لیے اقدامات جاری ہیں اور آئندہ دنوں میں مزید منصوبے شروع کیے جائیں گے۔ شہریوں نے مطالبہ کیا کہ بنیادی سہولیات کی فراہمی کو یقینی بنایا جائے اور مہنگائی پر قابو پایا جائے۔

ملک بھر میں مختلف شعبوں سے متعلق خبریں اور رپورٹس پیش کی گئی ہیں جن میں حکومت کی پالیسیوں، عوامی مسائل، معیشت، تعلیم، صحت اور امن و امان کی صورتحال پر تفصیلی روشنی ڈالی گئی ہے۔ حکام نے کہا کہ عوام کی سہولت کے لیے اقدامات جاری ہیں اور آئندہ دنوں میں مزید منصوبے شروع کیے جائیں گے۔ شہریوں نے مطالبہ کیا کہ بنیادی سہولیات کی فراہمی کو یقینی بنایا جائے اور مہنگائی پر قابو پایا جائے۔

نمبر 21
کھیل

ملک بھر میں مختلف شعبوں سے متعلق خبریں اور رپورٹس پیش کی گئی ہیں جن میں حکومت کی پالیسیوں، عوامی مسائل، معیشت، تعلیم، صحت اور امن و امان کی صورتحال پر تفصیلی روشنی ڈالی گئی ہے۔ حکام نے کہا کہ عوام کی سہولت کے لیے اقدامات جاری ہیں اور آئندہ دنوں میں مزید منصوبے شروع کیے جائیں گے۔ شہریوں نے مطالبہ کیا کہ بنیادی سہولیات کی فراہمی کو یقینی بنایا جائے اور مہنگائی پر قابو پایا جائے۔

ملک بھر میں مختلف شعبوں سے متعلق خبریں اور رپورٹس پیش کی گئی ہیں جن میں حکومت کی پالیسیوں، عوامی مسائل، معیشت، تعلیم، صحت اور امن و امان کی صورتحال پر تفصیلی روشنی ڈالی گئی ہے۔ حکام نے کہا کہ عوام کی سہولت کے لیے اقدامات جاری ہیں اور آئندہ دنوں میں مزید منصوبے شروع کیے جائیں گے۔ شہریوں نے مطالبہ کیا کہ بنیادی سہولیات کی فراہمی کو یقینی بنایا جائے اور مہنگائی پر قابو پایا جائے۔

ملک بھر میں مختلف شعبوں سے متعلق خبریں اور رپورٹس پیش کی گئی ہیں جن میں حکومت کی پالیسیوں، عوامی مسائل، معیشت، تعلیم، صحت اور امن و امان کی صورتحال پر تفصیلی روشنی ڈالی گئی ہے۔ حکام نے کہا کہ عوام کی سہولت کے لیے اقدامات جاری ہیں اور آئندہ دنوں میں مزید منصوبے شروع کیے جائیں گے۔ شہریوں نے مطالبہ کیا کہ بنیادی سہولیات کی فراہمی کو یقینی بنایا جائے اور مہنگائی پر قابو پایا جائے۔

نمبر 22
بلدیات

ملک بھر میں مختلف شعبوں سے متعلق خبریں اور رپورٹس پیش کی گئی ہیں جن میں حکومت کی پالیسیوں، عوامی مسائل، معیشت، تعلیم، صحت اور امن و امان کی صورتحال پر تفصیلی روشنی ڈالی گئی ہے۔ حکام نے کہا کہ عوام کی سہولت کے لیے اقدامات جاری ہیں اور آئندہ دنوں میں مزید منصوبے شروع کیے جائیں گے۔ شہریوں نے مطالبہ کیا کہ بنیادی سہولیات کی فراہمی کو یقینی بنایا جائے اور مہنگائی پر قابو پایا جائے۔

ملک بھر میں مختلف شعبوں سے متعلق خبریں اور رپورٹس پیش کی گئی ہیں جن میں حکومت کی پالیسیوں، عوامی مسائل، معیشت، تعلیم، صحت اور امن و امان کی صورتحال پر تفصیلی روشنی ڈالی گئی ہے۔ حکام نے کہا کہ عوام کی سہولت کے لیے اقدامات جاری ہیں اور آئندہ دنوں میں مزید منصوبے شروع کیے جائیں گے۔ شہریوں نے مطالبہ کیا کہ بنیادی سہولیات کی فراہمی کو یقینی بنایا جائے اور مہنگائی پر قابو پایا جائے۔

ملک بھر میں مختلف شعبوں سے متعلق خبریں اور رپورٹس پیش کی گئی ہیں جن میں حکومت کی پالیسیوں، عوامی مسائل، معیشت، تعلیم، صحت اور امن و امان کی صورتحال پر تفصیلی روشنی ڈالی گئی ہے۔ حکام نے کہا کہ عوام کی سہولت کے لیے اقدامات جاری ہیں اور آئندہ دنوں میں مزید منصوبے شروع کیے جائیں گے۔ شہریوں نے مطالبہ کیا کہ بنیادی سہولیات کی فراہمی کو یقینی بنایا جائے اور مہنگائی پر قابو پایا جائے۔

نمبر 23
پانی

ملک بھر میں مختلف شعبوں سے متعلق خبریں اور رپورٹس پیش کی گئی ہیں جن میں حکومت کی پالیسیوں، عوامی مسائل، معیشت، تعلیم، صحت اور امن و امان کی صورتحال پر تفصیلی روشنی ڈالی گئی ہے۔ حکام نے کہا کہ عوام کی سہولت کے لیے اقدامات جاری ہیں اور آئندہ دنوں میں مزید منصوبے شروع کیے جائیں گے۔ شہریوں نے مطالبہ کیا کہ بنیادی سہولیات کی فراہمی کو یقینی بنایا جائے اور مہنگائی پر قابو پایا جائے۔

ملک بھر میں مختلف شعبوں سے متعلق خبریں اور رپورٹس پیش کی گئی ہیں جن میں حکومت کی پالیسیوں، عوامی مسائل، معیشت، تعلیم، صحت اور امن و امان کی صورتحال پر تفصیلی روشنی ڈالی گئی ہے۔ حکام نے کہا کہ عوام کی سہولت کے لیے اقدامات جاری ہیں اور آئندہ دنوں میں مزید منصوبے شروع کیے جائیں گے۔ شہریوں نے مطالبہ کیا کہ بنیادی سہولیات کی فراہمی کو یقینی بنایا جائے اور مہنگائی پر قابو پایا جائے۔

ملک بھر میں مختلف شعبوں سے متعلق خبریں اور رپورٹس پیش کی گئی ہیں جن میں حکومت کی پالیسیوں، عوامی مسائل، معیشت، تعلیم، صحت اور امن و امان کی صورتحال پر تفصیلی روشنی ڈالی گئی ہے۔ حکام نے کہا کہ عوام کی سہولت کے لیے اقدامات جاری ہیں اور آئندہ دنوں میں مزید منصوبے شروع کیے جائیں گے۔ شہریوں نے مطالبہ کیا کہ بنیادی سہولیات کی فراہمی کو یقینی بنایا جائے اور مہنگائی پر قابو پایا جائے۔

نمبر 24
بجلی

ملک بھر میں مختلف شعبوں سے متعلق خبریں اور رپورٹس پیش کی گئی ہیں جن میں حکومت کی پالیسیوں، عوامی مسائل، معیشت، تعلیم، صحت اور امن و امان کی صورتحال پر تفصیلی روشنی ڈالی گئی ہے۔ حکام نے کہا کہ عوام کی سہولت کے لیے اقدامات جاری ہیں اور آئندہ دنوں میں مزید منصوبے شروع کیے جائیں گے۔ شہریوں نے مطالبہ کیا کہ بنیادی سہولیات کی فراہمی کو یقینی بنایا جائے اور مہنگائی پر قابو پایا جائے۔

ملک بھر میں مختلف شعبوں سے متعلق خبریں اور رپورٹس پیش کی گئی ہیں جن میں حکومت کی پالیسیوں، عوامی مسائل، معیشت، تعلیم، صحت اور امن و امان کی صورتحال پر تفصیلی روشنی ڈالی گئی ہے۔ حکام نے کہا کہ عوام کی سہولت کے لیے اقدامات جاری ہیں اور آئندہ دنوں میں مزید منصوبے شروع کیے جائیں گے۔ شہریوں نے مطالبہ کیا کہ بنیادی سہولیات کی فراہمی کو یقینی بنایا جائے اور مہنگائی پر قابو پایا جائے۔

ملک بھر میں مختلف شعبوں سے متعلق خبریں اور رپورٹس پیش کی گئی ہیں جن میں حکومت کی پالیسیوں، عوامی مسائل، معیشت، تعلیم، صحت اور امن و امان کی صورتحال پر تفصیلی روشنی ڈالی گئی ہے۔ حکام نے کہا کہ عوام کی سہولت کے لیے اقدامات جاری ہیں اور آئندہ دنوں میں مزید منصوبے شروع کیے جائیں گے۔ شہریوں نے مطالبہ کیا کہ بنیادی سہولیات کی فراہمی کو یقینی بنایا جائے اور مہنگائی پر قابو پایا جائے۔

نمبر 25
ماحولیات

ملک بھر میں مختلف شعبوں سے متعلق خبریں اور رپورٹس پیش کی گئی ہیں جن میں حکومت کی پالیسیوں، عوامی مسائل، معیشت، تعلیم، صحت اور امن و امان کی صورتحال پر تفصیلی روشنی ڈالی گئی ہے۔ حکام نے کہا کہ عوام کی سہولت کے لیے اقدامات جاری ہیں اور آئندہ دنوں میں مزید منصوبے شروع کیے جائیں گے۔ شہریوں نے مطالبہ کیا کہ بنیادی سہولیات کی فراہمی کو یقینی بنایا جائے اور مہنگائی پر قابو پایا جائے۔

ملک بھر میں مختلف شعبوں سے متعلق خبریں اور رپورٹس پیش کی گئی ہیں جن میں حکومت کی پالیسیوں، عوامی مسائل، معیشت، تعلیم، صحت اور امن و امان کی صورتحال پر تفصیلی روشنی ڈالی گئی ہے۔ حکام نے کہا کہ عوام کی سہولت کے لیے اقدامات جاری ہیں اور آئندہ دنوں میں مزید منصوبے شروع کیے جائیں گے۔ شہریوں نے مطالبہ کیا کہ بنیادی سہولیات کی فراہمی کو یقینی بنایا جائے اور مہنگائی پر قابو پایا جائے۔

ملک بھر میں مختلف شعبوں سے متعلق خبریں اور رپورٹس پیش کی گئی ہیں جن میں حکومت کی پالیسیوں، عوامی مسائل، معیشت، تعلیم، صحت اور امن و امان کی صورتحال پر تفصیلی روشنی ڈالی گئی ہے۔ حکام نے کہا کہ عوام کی سہولت کے لیے اقدامات جاری ہیں اور آئندہ دنوں میں مزید منصوبے شروع کیے جائیں گے۔ شہریوں نے مطالبہ کیا کہ بنیادی سہولیات کی فراہمی کو یقینی بنایا جائے اور مہنگائی پر قابو پایا جائے۔

نمبر 26
مارکیٹ

ملک بھر میں مختلف شعبوں سے متعلق خبریں اور رپورٹس پیش کی گئی ہیں جن میں حکومت کی پالیسیوں، عوامی مسائل، معیشت، تعلیم، صحت اور امن و امان کی صورتحال پر تفصیلی روشنی ڈالی گئی ہے۔ حکام نے کہا کہ عوام کی سہولت کے لیے اقدامات جاری ہیں اور آئندہ دنوں میں مزید منصوبے شروع کیے جائیں گے۔ شہریوں نے مطالبہ کیا کہ بنیادی سہولیات کی فراہمی کو یقینی بنایا جائے اور مہنگائی پر قابو پایا جائے۔

ملک بھر میں مختلف شعبوں سے متعلق خبریں اور رپورٹس پیش کی گئی ہیں جن میں حکومت کی پالیسیوں، عوامی مسائل، معیشت، تعلیم، صحت اور امن و امان کی صورتحال پر تفصیلی روشنی ڈالی گئی ہے۔ حکام نے کہا کہ عوام کی سہولت کے لیے اقدامات جاری ہیں اور آئندہ دنوں میں مزید منصوبے شروع کیے جائیں گے۔ شہریوں نے مطالبہ کیا کہ بنیادی سہولیات کی فراہمی کو یقینی بنایا جائے اور مہنگائی پر قابو پایا جائے۔

ملک بھر میں مختلف شعبوں سے متعلق خبریں اور رپورٹس پیش کی گئی ہیں جن میں حکومت کی پالیسیوں، عوامی مسائل، معیشت، تعلیم، صحت اور امن و امان کی صورتحال پر تفصیلی روشنی ڈالی گئی ہے۔ حکام نے کہا کہ عوام کی سہولت کے لیے اقدامات جاری ہیں اور آئندہ دنوں میں مزید منصوبے شروع کیے جائیں گے۔ شہریوں نے مطالبہ کیا کہ بنیادی سہولیات کی فراہمی کو یقینی بنایا جائے اور مہنگائی پر قابو پایا جائے۔

ملک بھر میں مختلف شعبوں سے متعلق خبریں اور رپورٹس پیش کی گئی ہیں جن میں حکومت کی پالیسیوں، عوامی مسائل، معیشت، تعلیم، صحت اور امن و امان کی صورتحال پر تفصیلی روشنی ڈالی گئی ہے۔ حکام نے کہا کہ عوام کی سہولت کے لیے اقدامات جاری ہیں اور آئندہ دنوں میں مزید منصوبے شروع کیے جائیں گے۔ شہریوں نے مطالبہ کیا کہ بنیادی سہولیات کی فراہمی کو یقینی بنایا جائے اور مہنگائی پر قابو پایا جائے۔

نمبر 27
ٹرانسپورٹ

ملک بھر میں مختلف شعبوں سے متعلق خبریں اور رپورٹس پیش کی گئی ہیں جن میں حکومت کی پالیسیوں، عوامی مسائل، معیشت، تعلیم، صحت اور امن و امان کی صورتحال پر تفصیلی روشنی ڈالی گئی ہے۔ حکام نے کہا کہ عوام کی سہولت کے لیے اقدامات جاری ہیں اور آئندہ دنوں میں مزید منصوبے شروع کیے جائیں گے۔ شہریوں نے مطالبہ کیا کہ بنیادی سہولیات کی فراہمی کو یقینی بنایا جائے اور مہنگائی پر قابو پایا جائے۔

ملک بھر میں مختلف شعبوں سے متعلق خبریں اور رپورٹس پیش کی گئی ہیں جن میں حکومت کی پالیسیوں، عوامی مسائل، معیشت، تعلیم، صحت اور امن و امان کی صورتحال پر تفصیلی روشنی ڈالی گئی ہے۔ حکام نے کہا کہ عوام کی سہولت کے لیے اقدامات جاری ہیں اور آئندہ دنوں میں مزید منصوبے شروع کیے جائیں گے۔ شہریوں نے مطالبہ کیا کہ بنیادی سہولیات کی فراہمی کو یقینی بنایا جائے اور مہنگائی پر قابو پایا جائے۔

ملک بھر میں مختلف شعبوں سے متعلق خبریں اور رپورٹس پیش کی گئی ہیں جن میں حکومت کی پالیسیوں، عوامی مسائل، معیشت، تعلیم، صحت اور امن و امان کی صورتحال پر تفصیلی روشنی ڈالی گئی ہے۔ حکام نے کہا کہ عوام کی سہولت کے لیے اقدامات جاری ہیں اور آئندہ دنوں میں مزید منصوبے شروع کیے جائیں گے۔ شہریوں نے مطالبہ کیا کہ بنیادی سہولیات کی فراہمی کو یقینی بنایا جائے اور مہنگائی پر قابو پایا جائے۔

ملک بھر میں مختلف شعبوں سے متعلق خبریں اور رپورٹس پیش کی گئی ہیں جن میں حکومت کی پالیسیوں، عوامی مسائل، معیشت، تعلیم، صحت اور امن و امان کی صورتحال پر تفصیلی روشنی ڈالی گئی ہے۔ حکام نے کہا کہ عوام کی سہولت کے لیے اقدامات جاری ہیں اور آئندہ دنوں میں مزید منصوبے شروع کیے جائیں گے۔ شہریوں نے مطالبہ کیا کہ بنیادی سہولیات کی فراہمی کو یقینی بنایا جائے اور مہنگائی پر قابو پایا جائے۔

نمبر 28
خواتین

ملک بھر میں مختلف شعبوں سے متعلق خبریں اور رپورٹس پیش کی گئی ہیں جن میں حکومت کی پالیسیوں، عوامی مسائل، معیشت، تعلیم، صحت اور امن و امان کی صورتحال پر تفصیلی روشنی ڈالی گئی ہے۔ حکام نے کہا کہ عوام کی سہولت کے لیے اقدامات جاری ہیں اور آئندہ دنوں میں مزید منصوبے شروع کیے جائیں گے۔ شہریوں نے مطالبہ کیا کہ بنیادی سہولیات کی فراہمی کو یقینی بنایا جائے اور مہنگائی پر قابو پایا جائے۔

ملک بھر میں مختلف شعبوں سے متعلق خبریں اور رپورٹس پیش کی گئی ہیں جن میں حکومت کی پالیسیوں، عوامی مسائل، معیشت، تعلیم، صحت اور امن و امان کی صورتحال پر تفصیلی روشنی ڈالی گئی ہے۔ حکام نے کہا کہ عوام کی سہولت کے لیے اقدامات جاری ہیں اور آئندہ دنوں میں مزید منصوبے شروع کیے جائیں گے۔ شہریوں نے مطالبہ کیا کہ بنیادی سہولیات کی فراہمی کو یقینی بنایا جائے اور مہنگائی پر قابو پایا جائے۔

ملک بھر میں مختلف شعبوں سے متعلق خبریں اور رپورٹس پیش کی گئی ہیں جن میں حکومت کی پالیسیوں، عوامی مسائل، معیشت، تعلیم، صحت اور امن و امان کی صورتحال پر تفصیلی روشنی ڈالی گئی ہے۔ حکام نے کہا کہ عوام کی سہولت کے لیے اقدامات جاری ہیں اور آئندہ دنوں میں مزید منصوبے شروع کیے جائیں گے۔ شہریوں نے مطالبہ کیا کہ بنیادی سہولیات کی فراہمی کو یقینی بنایا جائے اور مہنگائی پر قابو پایا جائے۔

ملک بھر میں مختلف شعبوں سے متعلق خبریں اور رپورٹس پیش کی گئی ہیں جن میں حکومت کی پالیسیوں، عوامی مسائل، معیشت، تعلیم، صحت اور امن و امان کی صورتحال پر تفصیلی روشنی ڈالی گئی ہے۔ حکام نے کہا کہ عوام کی سہولت کے لیے اقدامات جاری ہیں اور آئندہ دنوں میں مزید منصوبے شروع کیے جائیں گے۔ شہریوں نے مطالبہ کیا کہ بنیادی سہولیات کی فراہمی کو یقینی بنایا جائے اور مہنگائی پر قابو پایا جائے۔

نمبر 29
مذہب

ملک بھر میں مختلف شعبوں سے متعلق خبریں اور رپورٹس پیش کی گئی ہیں جن میں حکومت کی پالیسیوں، عوامی مسائل، معیشت، تعلیم، صحت اور امن و امان کی صورتحال پر تفصیلی روشنی ڈالی گئی ہے۔ حکام نے کہا کہ عوام کی سہولت کے لیے اقدامات جاری ہیں اور آئندہ دنوں میں مزید منصوبے شروع کیے جائیں گے۔ شہریوں نے مطالبہ کیا کہ بنیادی سہولیات کی فراہمی کو یقینی بنایا جائے اور مہنگائی پر قابو پایا جائے۔

ملک بھر میں مختلف شعبوں سے متعلق خبریں اور رپورٹس پیش کی گئی ہیں جن میں حکومت کی پالیسیوں، عوامی مسائل، معیشت، تعلیم، صحت اور امن و امان کی صورتحال پر تفصیلی روشنی ڈالی گئی ہے۔ حکام نے کہا کہ عوام کی سہولت کے لیے اقدامات جاری ہیں اور آئندہ دنوں میں مزید منصوبے شروع کیے جائیں گے۔ شہریوں نے مطالبہ کیا کہ بنیادی سہولیات کی فراہمی کو یقینی بنایا جائے اور مہنگائی پر قابو پایا جائے۔

ملک بھر میں مختلف شعبوں سے متعلق خبریں اور رپورٹس پیش کی گئی ہیں جن میں حکومت کی پالیسیوں، عوامی مسائل، معیشت، تعلیم، صحت اور امن و امان کی صورتحال پر تفصیلی روشنی ڈالی گئی ہے۔ حکام نے کہا کہ عوام کی سہولت کے لیے اقدامات جاری ہیں اور آئندہ دنوں میں مزید منصوبے شروع کیے جائیں گے۔ شہریوں نے مطالبہ کیا کہ بنیادی سہولیات کی فراہمی کو یقینی بنایا جائے اور مہنگائی پر قابو پایا جائے۔

ملک بھر میں مختلف شعبوں سے متعلق خبریں اور رپورٹس پیش کی گئی ہیں جن میں حکومت کی پالیسیوں، عوامی مسائل، معیشت، تعلیم، صحت اور امن و امان کی صورتحال پر تفصیلی روشنی ڈالی گئی ہے۔ حکام نے کہا کہ عوام کی سہولت کے لیے اقدامات جاری ہیں اور آئندہ دنوں میں مزید منصوبے شروع کیے جائیں گے۔ شہریوں نے مطالبہ کیا کہ بنیادی سہولیات کی فراہمی کو یقینی بنایا جائے اور مہنگائی پر قابو پایا جائے۔

نمبر 30
سیکیورٹی

ملک بھر میں مختلف شعبوں سے متعلق خبریں اور رپورٹس پیش کی گئی ہیں جن میں حکومت کی پالیسیوں، عوامی مسائل، معیشت، تعلیم، صحت اور امن و امان کی صورتحال پر تفصیلی روشنی ڈالی گئی ہے۔ حکام نے کہا کہ عوام کی سہولت کے لیے اقدامات جاری ہیں اور آئندہ دنوں میں مزید منصوبے شروع کیے جائیں گے۔ شہریوں نے مطالبہ کیا کہ بنیادی سہولیات کی فراہمی کو یقینی بنایا جائے اور مہنگائی پر قابو پایا جائے۔

ملک بھر میں مختلف شعبوں سے متعلق خبریں اور رپورٹس پیش کی گئی ہیں جن میں حکومت کی پالیسیوں، عوامی مسائل، معیشت، تعلیم، صحت اور امن و امان کی صورتحال پر تفصیلی روشنی ڈالی گئی ہے۔ حکام نے کہا کہ عوام کی سہولت کے لیے اقدامات جاری ہیں اور آئندہ دنوں میں مزید منصوبے شروع کیے جائیں گے۔ شہریوں نے مطالبہ کیا کہ بنیادی سہولیات کی فراہمی کو یقینی بنایا جائے اور مہنگائی پر قابو پایا جائے۔

ملک بھر میں مختلف شعبوں سے متعلق خبریں اور رپورٹس پیش کی گئی ہیں جن میں حکومت کی پالیسیوں، عوامی مسائل، معیشت، تعلیم، صحت اور امن و امان کی صورتحال پر تفصیلی روشنی ڈالی گئی ہے۔ حکام نے کہا کہ عوام کی سہولت کے لیے اقدامات جاری ہیں اور آئندہ دنوں میں مزید منصوبے شروع کیے جائیں گے۔ شہریوں نے مطالبہ کیا کہ بنیادی سہولیات کی فراہمی کو یقینی بنایا جائے اور مہنگائی پر قابو پایا جائے۔

ملک بھر میں مختلف شعبوں سے متعلق خبریں اور رپورٹس پیش کی گئی ہیں جن میں حکومت کی پالیسیوں، عوامی مسائل، معیشت، تعلیم، صحت اور امن و امان کی صورتحال پر تفصیلی روشنی ڈالی گئی ہے۔ حکام نے کہا کہ عوام کی سہولت کے لیے اقدامات جاری ہیں اور آئندہ دنوں میں مزید منصوبے شروع کیے جائیں گے۔ شہریوں نے مطالبہ کیا کہ بنیادی سہولیات کی فراہمی کو یقینی بنایا جائے اور مہنگائی پر قابو پایا جائے۔

نمبر 31
بیرون ملک

ملک بھر میں مختلف شعبوں سے متعلق خبریں اور رپورٹس پیش کی گئی ہیں جن میں حکومت کی پالیسیوں، عوامی مسائل، معیشت، تعلیم، صحت اور امن و امان کی صورتحال پر تفصیلی روشنی ڈالی گئی ہے۔ حکام نے کہا کہ عوام کی سہولت کے لیے اقدامات جاری ہیں اور آئندہ دنوں میں مزید منصوبے شروع کیے جائیں گے۔ شہریوں نے مطالبہ کیا کہ بنیادی سہولیات کی فراہمی کو یقینی بنایا جائے اور مہنگائی پر قابو پایا جائے۔

ملک بھر میں مختلف شعبوں سے متعلق خبریں اور رپورٹس پیش کی گئی ہیں جن میں حکومت کی پالیسیوں، عوامی مسائل، معیشت، تعلیم، صحت اور امن و امان کی صورتحال پر تفصیلی روشنی ڈالی گئی ہے۔ حکام نے کہا کہ عوام کی سہولت کے لیے اقدامات جاری ہیں اور آئندہ دنوں میں مزید منصوبے شروع کیے جائیں گے۔ شہریوں نے مطالبہ کیا کہ بنیادی سہولیات کی فراہمی کو یقینی بنایا جائے اور مہنگائی پر قابو پایا جائے۔

ملک بھر میں مختلف شعبوں سے متعلق خبریں اور رپورٹس پیش کی گئی ہیں جن میں حکومت کی پالیسیوں، عوامی مسائل، معیشت، تعلیم، صحت اور امن و امان کی صورتحال پر تفصیلی روشنی ڈالی گئی ہے۔ حکام نے کہا کہ عوام کی سہولت کے لیے اقدامات جاری ہیں اور آئندہ دنوں میں مزید منصوبے شروع کیے جائیں گے۔ شہریوں نے مطالبہ کیا کہ بنیادی سہولیات کی فراہمی کو یقینی بنایا جائے اور مہنگائی پر قابو پایا جائے۔

ملک بھر میں مختلف شعبوں سے متعلق خبریں اور رپورٹس پیش کی گئی ہیں جن میں حکومت کی پالیسیوں، عوامی مسائل، معیشت، تعلیم، صحت اور امن و امان کی صورتحال پر تفصیلی روشنی ڈالی گئی ہے۔ حکام نے کہا کہ عوام کی سہولت کے لیے اقدامات جاری ہیں اور آئندہ دنوں میں مزید منصوبے شروع کیے جائیں گے۔ شہریوں نے مطالبہ کیا کہ بنیادی سہولیات کی فراہمی کو یقینی بنایا جائے اور مہنگائی پر قابو پایا جائے۔

نمبر 32
صوبائی

ملک بھر میں مختلف شعبوں سے متعلق خبریں اور رپورٹس پیش کی گئی ہیں جن میں حکومت کی پالیسیوں، عوامی مسائل، معیشت، تعلیم، صحت اور امن و امان کی صورتحال پر تفصیلی روشنی ڈالی گئی ہے۔ حکام نے کہا کہ عوام کی سہولت کے لیے اقدامات جاری ہیں اور آئندہ دنوں میں مزید منصوبے شروع کیے جائیں گے۔ شہریوں نے مطالبہ کیا کہ بنیادی سہولیات کی فراہمی کو یقینی بنایا جائے اور مہنگائی پر قابو پایا جائے۔

ملک بھر میں مختلف شعبوں سے متعلق خبریں اور رپورٹس پیش کی گئی ہیں جن میں حکومت کی پالیسیوں، عوامی مسائل، معیشت، تعلیم، صحت اور امن و امان کی صورتحال پر تفصیلی روشنی ڈالی گئی ہے۔ حکام نے کہا کہ عوام کی سہولت کے لیے اقدامات جاری ہیں اور آئندہ دنوں میں مزید منصوبے شروع کیے جائیں گے۔ شہریوں نے مطالبہ کیا کہ بنیادی سہولیات کی فراہمی کو یقینی بنایا جائے اور مہنگائی پر قابو پایا جائے۔

ملک بھر میں مختلف شعبوں سے متعلق خبریں اور رپورٹس پیش کی گئی ہیں جن میں حکومت کی پالیسیوں، عوامی مسائل، معیشت، تعلیم، صحت اور امن و امان کی صورتحال پر تفصیلی روشنی ڈالی گئی ہے۔ حکام نے کہا کہ عوام کی سہولت کے لیے اقدامات جاری ہیں اور آئندہ دنوں میں مزید منصوبے شروع کیے جائیں گے۔ شہریوں نے مطالبہ کیا کہ بنیادی سہولیات کی فراہمی کو یقینی بنایا جائے اور مہنگائی پر قابو پایا جائے۔

ملک بھر میں مختلف شعبوں سے متعلق خبریں اور رپورٹس پیش کی گئی ہیں جن میں حکومت کی پالیسیوں، عوامی مسائل، معیشت، تعلیم، صحت اور امن و امان کی صورتحال پر تفصیلی روشنی ڈالی گئی ہے۔ حکام نے کہا کہ عوام کی سہولت کے لیے اقدامات جاری ہیں اور آئندہ دنوں میں مزید منصوبے شروع کیے جائیں گے۔ شہریوں نے مطالبہ کیا کہ بنیادی سہولیات کی فراہمی کو یقینی بنایا جائے اور مہنگائی پر قابو پایا جائے۔

نمبر 33
انتقال

ملک بھر میں مختلف شعبوں سے متعلق خبریں اور رپورٹس پیش کی گئی ہیں جن میں حکومت کی پالیسیوں، عوامی مسائل، معیشت، تعلیم، صحت اور امن و امان کی صورتحال پر تفصیلی روشنی ڈالی گئی ہے۔ حکام نے کہا کہ عوام کی سہولت کے لیے اقدامات جاری ہیں اور آئندہ دنوں میں مزید منصوبے شروع کیے جائیں گے۔ شہریوں نے مطالبہ کیا کہ بنیادی سہولیات کی فراہمی کو یقینی بنایا جائے اور مہنگائی پر قابو پایا جائے۔

ملک بھر میں مختلف شعبوں سے متعلق خبریں اور رپورٹس پیش کی گئی ہیں جن میں حکومت کی پالیسیوں، عوامی مسائل، معیشت، تعلیم، صحت اور امن و امان کی صورتحال پر تفصیلی روشنی ڈالی گئی ہے۔ حکام نے کہا کہ عوام کی سہولت کے لیے اقدامات جاری ہیں اور آئندہ دنوں میں مزید منصوبے شروع کیے جائیں گے۔ شہریوں نے مطالبہ کیا کہ بنیادی سہولیات کی فراہمی کو یقینی بنایا جائے اور مہنگائی پر قابو پایا جائے۔

ملک بھر میں مختلف شعبوں سے متعلق خبریں اور رپورٹس پیش کی گئی ہیں جن میں حکومت کی پالیسیوں، عوامی مسائل، معیشت، تعلیم، صحت اور امن و امان کی صورتحال پر تفصیلی روشنی ڈالی گئی ہے۔ حکام نے کہا کہ عوام کی سہولت کے لیے اقدامات جاری ہیں اور آئندہ دنوں میں مزید منصوبے شروع کیے جائیں گے۔ شہریوں نے مطالبہ کیا کہ بنیادی سہولیات کی فراہمی کو یقینی بنایا جائے اور مہنگائی پر قابو پایا جائے۔

ملک بھر میں مختلف شعبوں سے متعلق خبریں اور رپورٹس پیش کی گئی ہیں جن میں حکومت کی پالیسیوں، عوامی مسائل، معیشت، تعلیم، صحت اور امن و امان کی صورتحال پر تفصیلی روشنی ڈالی گئی ہے۔ حکام نے کہا کہ عوام کی سہولت کے لیے اقدامات جاری ہیں اور آئندہ دنوں میں مزید منصوبے شروع کیے جائیں گے۔ شہریوں نے مطالبہ کیا کہ بنیادی سہولیات کی فراہمی کو یقینی بنایا جائے اور مہنگائی پر قابو پایا جائے۔

ایم کیو ایم رہنماؤں کا اراکین اسمبلی سے مطالبہ

ملک بھر میں مختلف شعبوں سے متعلق خبریں اور رپورٹس پیش کی گئی ہیں جن میں حکومت کی پالیسیوں، عوامی مسائل، معیشت، تعلیم، صحت اور امن و امان کی صورتحال پر تفصیلی روشنی ڈالی گئی ہے۔ حکام نے کہا کہ عوام کی سہولت کے لیے اقدامات جاری ہیں اور آئندہ دنوں میں مزید منصوبے شروع کیے جائیں گے۔ شہریوں نے مطالبہ کیا کہ بنیادی سہولیات کی فراہمی کو یقینی بنایا جائے اور مہنگائی پر قابو پایا جائے۔

ملک بھر میں مختلف شعبوں سے متعلق خبریں اور رپورٹس پیش کی گئی ہیں جن میں حکومت کی پالیسیوں، عوامی مسائل، معیشت، تعلیم، صحت اور امن و امان کی صورتحال پر تفصیلی روشنی ڈالی گئی ہے۔ حکام نے کہا کہ عوام کی سہولت کے لیے اقدامات جاری ہیں اور آئندہ دنوں میں مزید منصوبے شروع کیے جائیں گے۔ شہریوں نے مطالبہ کیا کہ بنیادی سہولیات کی فراہمی کو یقینی بنایا جائے اور مہنگائی پر قابو پایا جائے۔

ملک بھر میں مختلف شعبوں سے متعلق خبریں اور رپورٹس پیش کی گئی ہیں جن میں حکومت کی پالیسیوں، عوامی مسائل، معیشت، تعلیم، صحت اور امن و امان کی صورتحال پر تفصیلی روشنی ڈالی گئی ہے۔ حکام نے کہا کہ عوام کی سہولت کے لیے اقدامات جاری ہیں اور آئندہ دنوں میں مزید منصوبے شروع کیے جائیں گے۔ شہریوں نے مطالبہ کیا کہ بنیادی سہولیات کی فراہمی کو یقینی بنایا جائے اور مہنگائی پر قابو پایا جائے۔

لاہور میں اسرائیلی کے ہمدرد ملک کے خلاف سڑکوں پر احتجاج جاری

ملک بھر میں مختلف شعبوں سے متعلق خبریں اور رپورٹس پیش کی گئی ہیں جن میں حکومت کی پالیسیوں، عوامی مسائل، معیشت، تعلیم، صحت اور امن و امان کی صورتحال پر تفصیلی روشنی ڈالی گئی ہے۔ حکام نے کہا کہ عوام کی سہولت کے لیے اقدامات جاری ہیں اور آئندہ دنوں میں مزید منصوبے شروع کیے جائیں گے۔ شہریوں نے مطالبہ کیا کہ بنیادی سہولیات کی فراہمی کو یقینی بنایا جائے اور مہنگائی پر قابو پایا جائے۔

ملک بھر میں مختلف شعبوں سے متعلق خبریں اور رپورٹس پیش کی گئی ہیں جن میں حکومت کی پالیسیوں، عوامی مسائل، معیشت، تعلیم، صحت اور امن و امان کی صورتحال پر تفصیلی روشنی ڈالی گئی ہے۔ حکام نے کہا کہ عوام کی سہولت کے لیے اقدامات جاری ہیں اور آئندہ دنوں میں مزید منصوبے شروع کیے جائیں گے۔ شہریوں نے مطالبہ کیا کہ بنیادی سہولیات کی فراہمی کو یقینی بنایا جائے اور مہنگائی پر قابو پایا جائے۔

ملک میں مہنگائی کی رفتار مزید گھٹ گئی

ملک بھر میں مختلف شعبوں سے متعلق خبریں اور رپورٹس پیش کی گئی ہیں جن میں حکومت کی پالیسیوں، عوامی مسائل، معیشت، تعلیم، صحت اور امن و امان کی صورتحال پر تفصیلی روشنی ڈالی گئی ہے۔ حکام نے کہا کہ عوام کی سہولت کے لیے اقدامات جاری ہیں اور آئندہ دنوں میں مزید منصوبے شروع کیے جائیں گے۔ شہریوں نے مطالبہ کیا کہ بنیادی سہولیات کی فراہمی کو یقینی بنایا جائے اور مہنگائی پر قابو پایا جائے۔

ملک بھر میں مختلف شعبوں سے متعلق خبریں اور رپورٹس پیش کی گئی ہیں جن میں حکومت کی پالیسیوں، عوامی مسائل، معیشت، تعلیم، صحت اور امن و امان کی صورتحال پر تفصیلی روشنی ڈالی گئی ہے۔ حکام نے کہا کہ عوام کی سہولت کے لیے اقدامات جاری ہیں اور آئندہ دنوں میں مزید منصوبے شروع کیے جائیں گے۔ شہریوں نے مطالبہ کیا کہ بنیادی سہولیات کی فراہمی کو یقینی بنایا جائے اور مہنگائی پر قابو پایا جائے۔

ملک بھر میں مختلف شعبوں سے متعلق خبریں اور رپورٹس پیش کی گئی ہیں جن میں حکومت کی پالیسیوں، عوامی مسائل، معیشت، تعلیم، صحت اور امن و امان کی صورتحال پر تفصیلی روشنی ڈالی گئی ہے۔ حکام نے کہا کہ عوام کی سہولت کے لیے اقدامات جاری ہیں اور آئندہ دنوں میں مزید منصوبے شروع کیے جائیں گے۔ شہریوں نے مطالبہ کیا کہ بنیادی سہولیات کی فراہمی کو یقینی بنایا جائے اور مہنگائی پر قابو پایا جائے۔

ملک بھر میں مختلف شعبوں سے متعلق خبریں اور رپورٹس پیش کی گئی ہیں جن میں حکومت کی پالیسیوں، عوامی مسائل، معیشت، تعلیم، صحت اور امن و امان کی صورتحال پر تفصیلی روشنی ڈالی گئی ہے۔ حکام نے کہا کہ عوام کی سہولت کے لیے اقدامات جاری ہیں اور آئندہ دنوں میں مزید منصوبے شروع کیے جائیں گے۔ شہریوں نے مطالبہ کیا کہ بنیادی سہولیات کی فراہمی کو یقینی بنایا جائے اور مہنگائی پر قابو پایا جائے۔

ملک بھر میں مختلف شعبوں سے متعلق خبریں اور رپورٹس پیش کی گئی ہیں جن میں حکومت کی پالیسیوں، عوامی مسائل، معیشت، تعلیم، صحت اور امن و امان کی صورتحال پر تفصیلی روشنی ڈالی گئی ہے۔ حکام نے کہا کہ عوام کی سہولت کے لیے اقدامات جاری ہیں اور آئندہ دنوں میں مزید منصوبے شروع کیے جائیں گے۔ شہریوں نے مطالبہ کیا کہ بنیادی سہولیات کی فراہمی کو یقینی بنایا جائے اور مہنگائی پر قابو پایا جائے۔

ملک بھر میں مختلف شعبوں سے متعلق خبریں اور رپورٹس پیش کی گئی ہیں جن میں حکومت کی پالیسیوں، عوامی مسائل، معیشت، تعلیم، صحت اور امن و امان کی صورتحال پر تفصیلی روشنی ڈالی گئی ہے۔ حکام نے کہا کہ عوام کی سہولت کے لیے اقدامات جاری ہیں اور آئندہ دنوں میں مزید منصوبے شروع کیے جائیں گے۔ شہریوں نے مطالبہ کیا کہ بنیادی سہولیات کی فراہمی کو یقینی بنایا جائے اور مہنگائی پر قابو پایا جائے۔

ملک بھر میں مختلف شعبوں سے متعلق خبریں اور رپورٹس پیش کی گئی ہیں جن میں حکومت کی پالیسیوں، عوامی مسائل، معیشت، تعلیم، صحت اور امن و امان کی صورتحال پر تفصیلی روشنی ڈالی گئی ہے۔ حکام نے کہا کہ عوام کی سہولت کے لیے اقدامات جاری ہیں اور آئندہ دنوں میں مزید منصوبے شروع کیے جائیں گے۔ شہریوں نے مطالبہ کیا کہ بنیادی سہولیات کی فراہمی کو یقینی بنایا جائے اور مہنگائی پر قابو پایا جائے۔

ملک بھر میں مختلف شعبوں سے متعلق خبریں اور رپورٹس پیش کی گئی ہیں جن میں حکومت کی پالیسیوں، عوامی مسائل، معیشت، تعلیم، صحت اور امن و امان کی صورتحال پر تفصیلی روشنی ڈالی گئی ہے۔ حکام نے کہا کہ عوام کی سہولت کے لیے اقدامات جاری ہیں اور آئندہ دنوں میں مزید منصوبے شروع کیے جائیں گے۔ شہریوں نے مطالبہ کیا کہ بنیادی سہولیات کی فراہمی کو یقینی بنایا جائے اور مہنگائی پر قابو پایا جائے۔
